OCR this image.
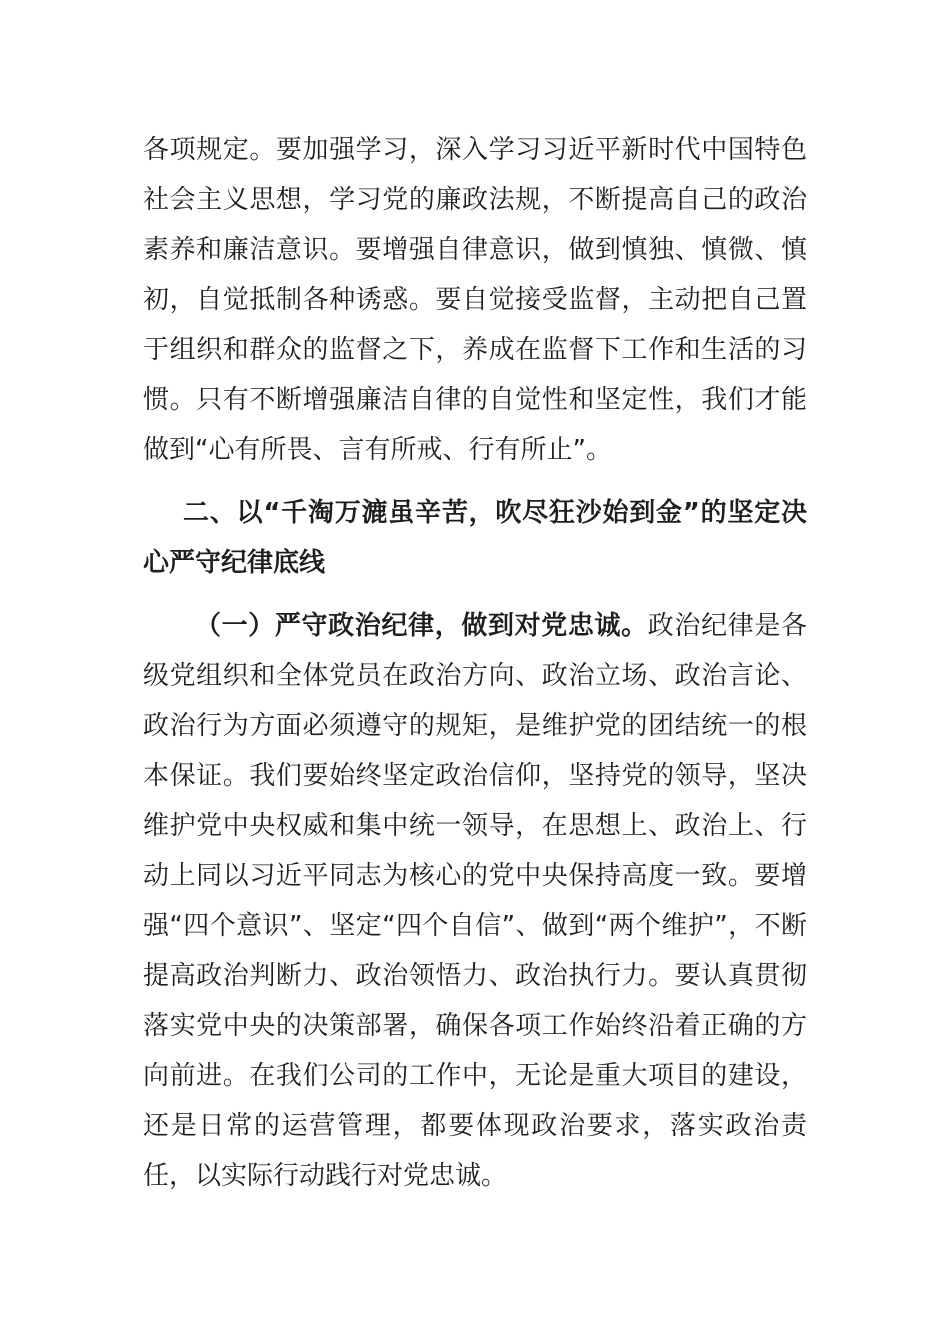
各项规定。要加强学习，深入学习习近平新时代中国特色社会主义思想，学习党的廉政法规，不断提高自己的政治素养和廉洁意识。要增强自律意识，做到慎独、慎微、慎初，自觉抵制各种诱惑。要自觉接受监督，主动把自己置于组织和群众的监督之下，养成在监督下工作和生活的习惯。只有不断增强廉洁自律的自觉性和坚定性，我们才能做到“心有所畏、言有所戒、行有所止”。

二、以“千淘万漉虽辛苦，吹尽狂沙始到金”的坚定决心严守纪律底线

（一）严守政治纪律，做到对党忠诚。政治纪律是各级党组织和全体党员在政治方向、政治立场、政治言论、政治行为方面必须遵守的规矩，是维护党的团结统一的根本保证。我们要始终坚定政治信仰，坚持党的领导，坚决维护党中央权威和集中统一领导，在思想上、政治上、行动上同以习近平同志为核心的党中央保持高度一致。要增强“四个意识”、坚定“四个自信”、做到“两个维护”，不断提高政治判断力、政治领悟力、政治执行力。要认真贯彻落实党中央的决策部署，确保各项工作始终沿着正确的方向前进。在我们公司的工作中，无论是重大项目的建设，还是日常的运营管理，都要体现政治要求，落实政治责任，以实际行动践行对党忠诚。
